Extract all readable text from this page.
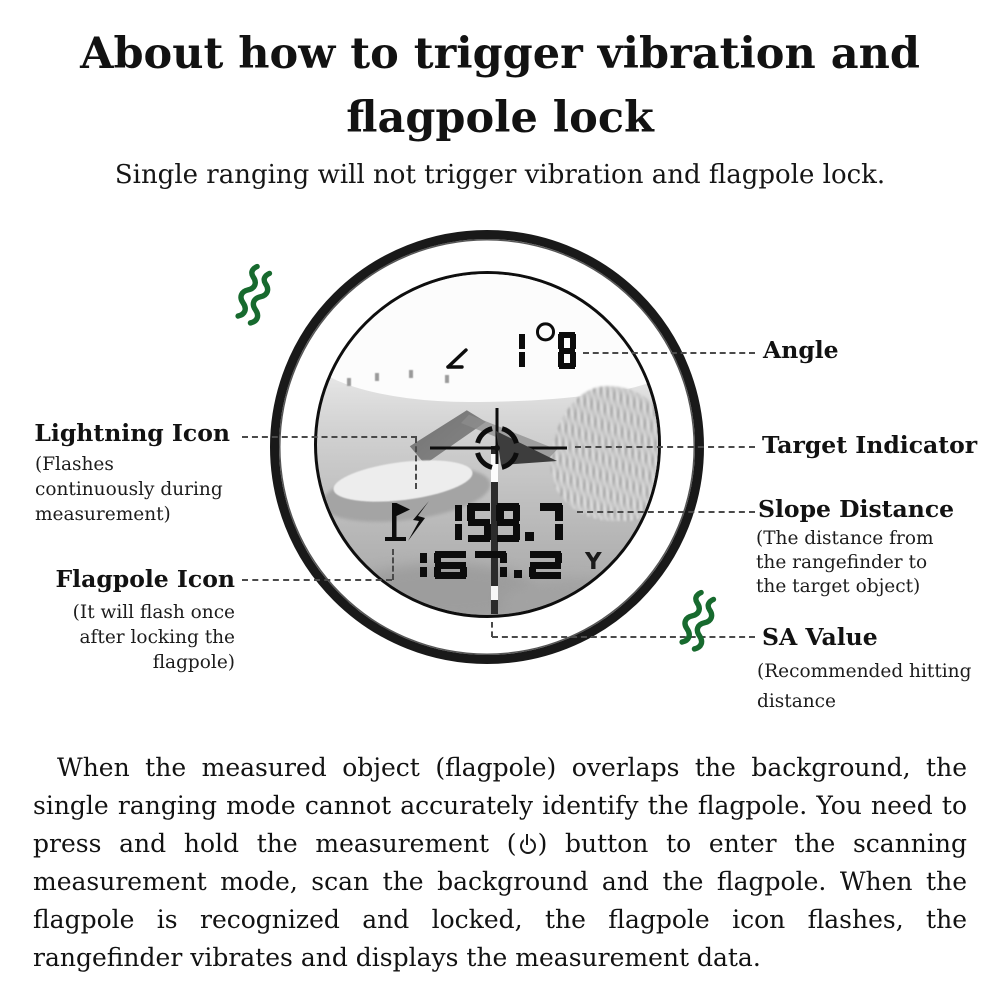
About how to trigger vibration and
flagpole lock
Single ranging will not trigger vibration and flagpole lock.
Y
Lightning Icon
(Flashes continuously during measurement)
Flagpole Icon
(It will flash once after locking the flagpole)
Angle
Target Indicator
Slope Distance
(The distance from the rangefinder to the target object)
SA Value
(Recommended hitting distance

When the measured object (flagpole) overlaps the background, the single ranging mode cannot accurately identify the flagpole. You need to press and hold the measurement ( ) button to enter the scanning measurement mode, scan the background and the flagpole. When the flagpole is recognized and locked, the flagpole icon flashes, the rangefinder vibrates and displays the measurement data.
